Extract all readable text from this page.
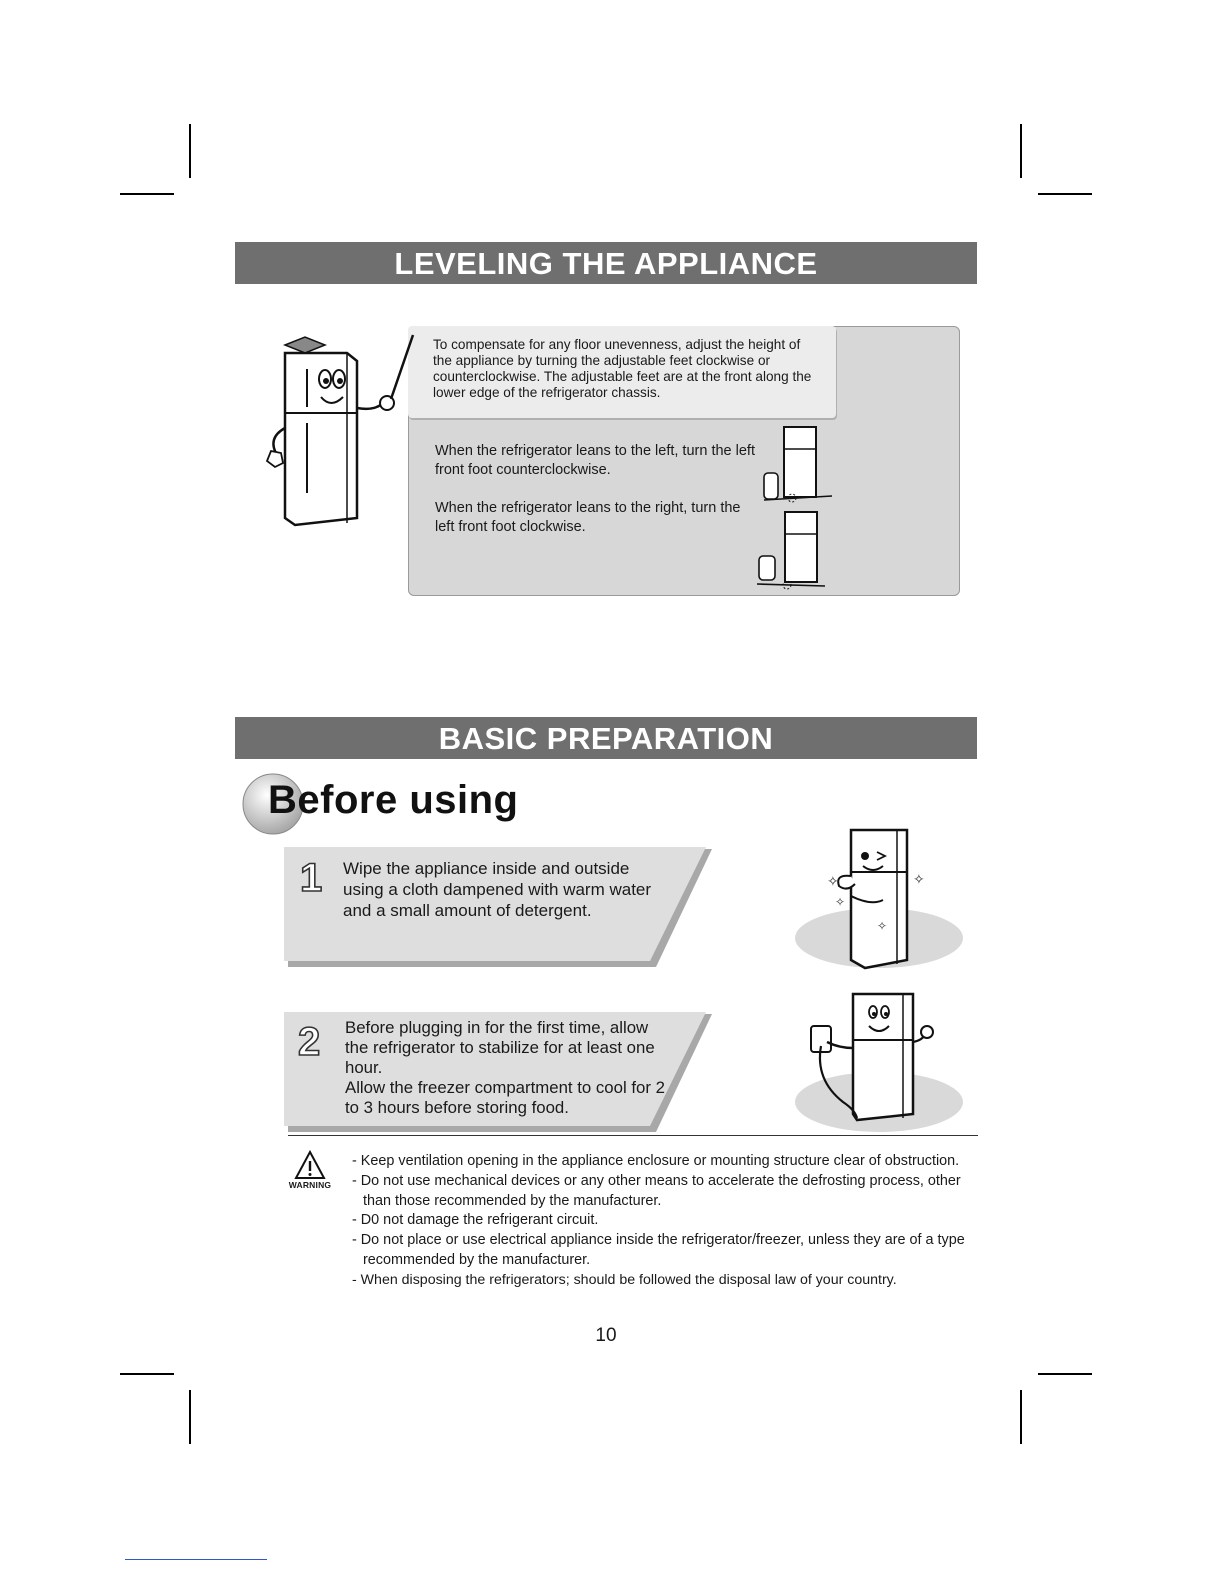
LEVELING THE APPLIANCE
To compensate for any floor unevenness, adjust the height of the appliance by turning the adjustable feet clockwise or counterclockwise. The adjustable feet are at the front along the lower edge of the refrigerator chassis.
When the refrigerator leans to the left, turn the left front foot counterclockwise.
When the refrigerator leans to the right, turn the left front foot clockwise.
BASIC PREPARATION
Before using
1 Wipe the appliance inside and outside using a cloth dampened with warm water and a small amount of detergent.
2 Before plugging in for the first time, allow the refrigerator to stabilize for at least one hour.
Allow the freezer compartment to cool for 2 to 3 hours before storing food.
✧	✧
✧
✧
WARNING
- Keep ventilation opening in the appliance enclosure or mounting structure clear of obstruction.
- Do not use mechanical devices or any other means to accelerate the defrosting process, other than those recommended by the manufacturer.
- D0 not damage the refrigerant circuit.
- Do not place or use electrical appliance inside the refrigerator/freezer, unless they are of a type recommended by the manufacturer.
- When disposing the refrigerators; should be followed the disposal law of your country.
10
